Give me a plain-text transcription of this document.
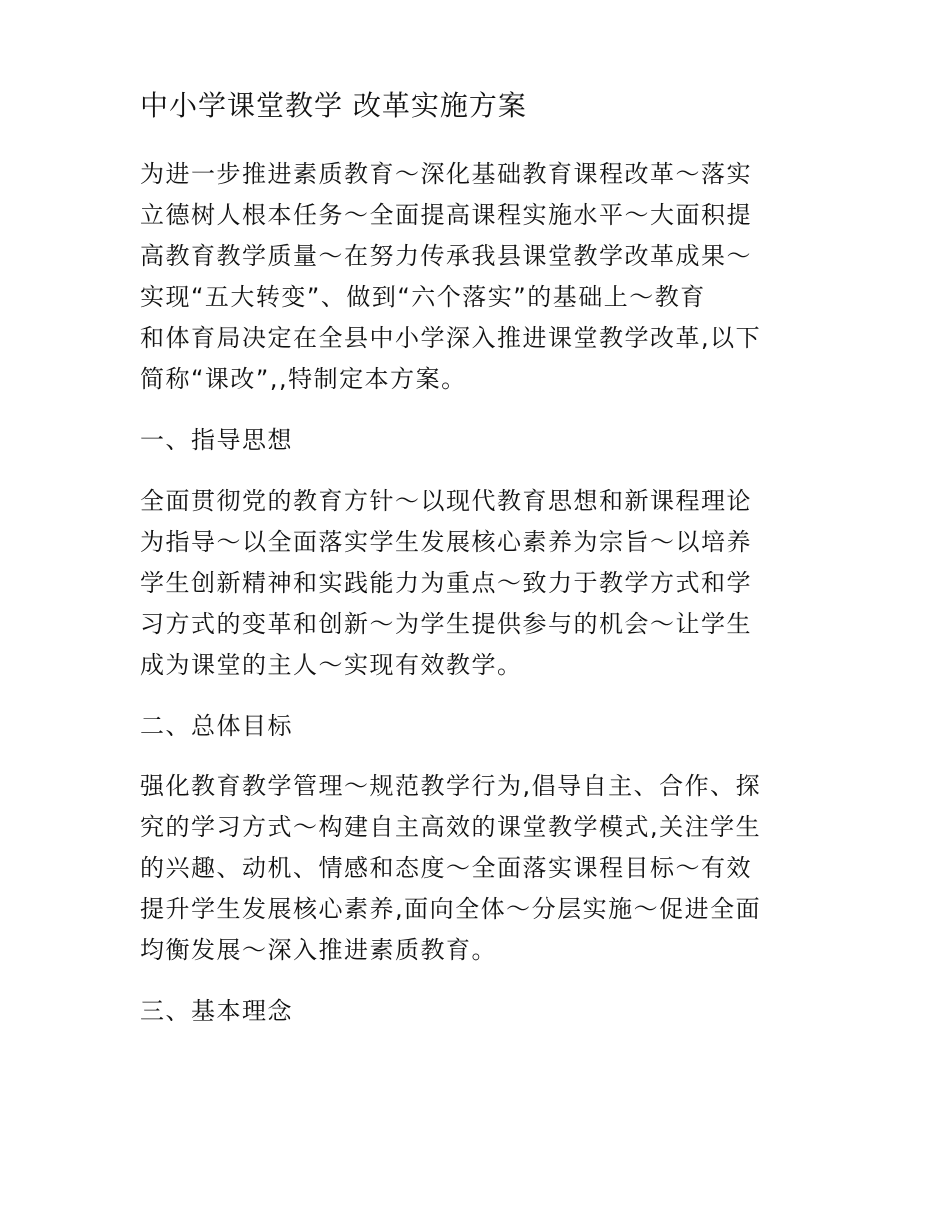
中小学课堂教学 改革实施方案
为进一步推进素质教育～深化基础教育课程改革～落实
立德树人根本任务～全面提高课程实施水平～大面积提
高教育教学质量～在努力传承我县课堂教学改革成果～
实现“五大转变”、做到“六个落实”的基础上～教育
和体育局决定在全县中小学深入推进课堂教学改革,以下
简称“课改”,,特制定本方案。
一、指导思想
全面贯彻党的教育方针～以现代教育思想和新课程理论
为指导～以全面落实学生发展核心素养为宗旨～以培养
学生创新精神和实践能力为重点～致力于教学方式和学
习方式的变革和创新～为学生提供参与的机会～让学生
成为课堂的主人～实现有效教学。
二、总体目标
强化教育教学管理～规范教学行为,倡导自主、合作、探
究的学习方式～构建自主高效的课堂教学模式,关注学生
的兴趣、动机、情感和态度～全面落实课程目标～有效
提升学生发展核心素养,面向全体～分层实施～促进全面
均衡发展～深入推进素质教育。
三、基本理念
